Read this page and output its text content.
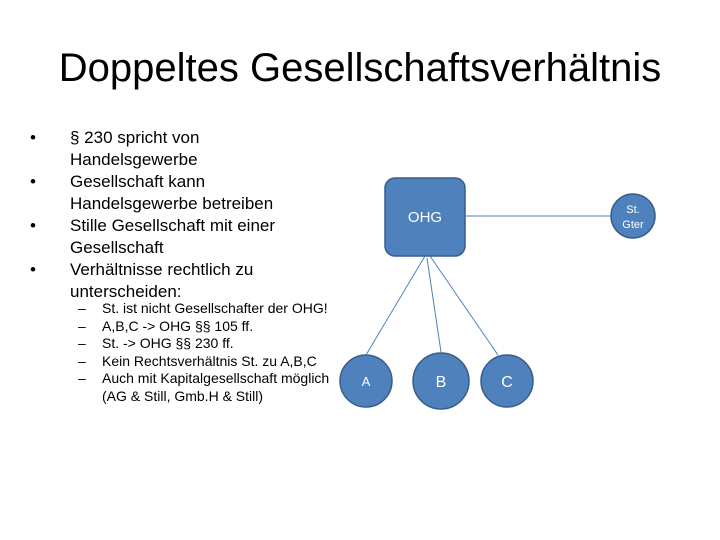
Doppeltes Gesellschaftsverhältnis
•	§ 230 spricht von Handelsgewerbe
•	Gesellschaft kann Handelsgewerbe betreiben
•	Stille Gesellschaft mit einer Gesellschaft
•	Verhältnisse rechtlich zu unterscheiden:
– St. ist nicht Gesellschafter der OHG!
– A,B,C -> OHG §§ 105 ff.
– St. -> OHG §§ 230 ff.
– Kein Rechtsverhältnis St. zu A,B,C
– Auch mit Kapitalgesellschaft möglich (AG & Still, Gmb.H & Still)
OHG	St.
Gter
A	B	C
